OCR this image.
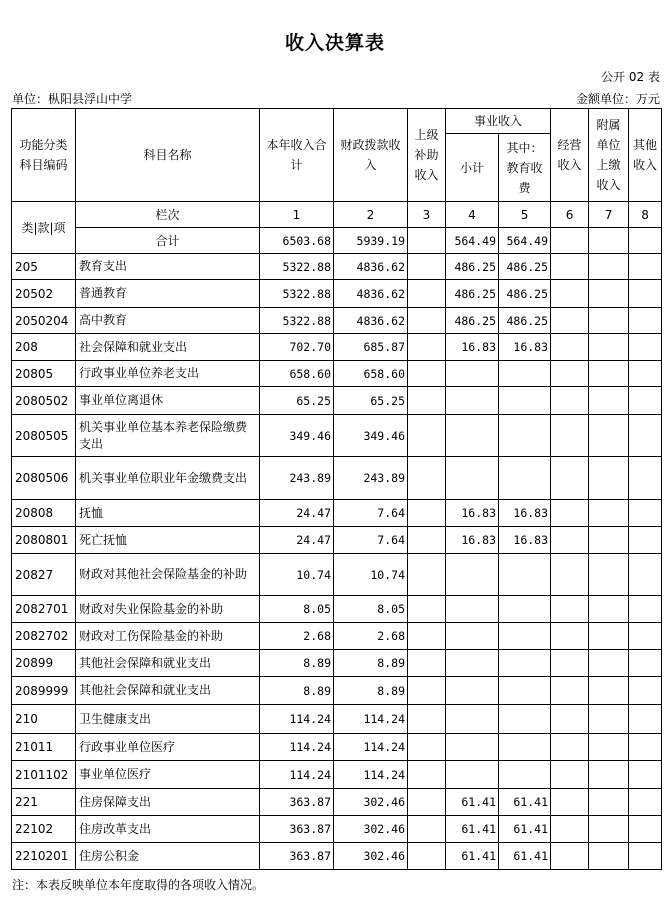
收入决算表
公开 02 表
单位：枞阳县浮山中学	金额单位：万元
功能分类科目编码	科目名称	本年收入合计	财政拨款收入	上级补助收入	事业收入		经营收入	附属单位上缴收入	其他收入
					小计	其中：教育收费			
类|款|项	栏次	1	2	3	4	5	6	7	8
	合计	6503.68	5939.19		564.49	564.49			
205	教育支出	5322.88	4836.62		486.25	486.25			
20502	普通教育	5322.88	4836.62		486.25	486.25			
2050204	高中教育	5322.88	4836.62		486.25	486.25			
208	社会保障和就业支出	702.70	685.87		16.83	16.83			
20805	行政事业单位养老支出	658.60	658.60						
2080502	事业单位离退休	65.25	65.25						
2080505	机关事业单位基本养老保险缴费支出	349.46	349.46						
2080506	机关事业单位职业年金缴费支出	243.89	243.89						
20808	抚恤	24.47	7.64		16.83	16.83			
2080801	死亡抚恤	24.47	7.64		16.83	16.83			
20827	财政对其他社会保险基金的补助	10.74	10.74						
2082701	财政对失业保险基金的补助	8.05	8.05						
2082702	财政对工伤保险基金的补助	2.68	2.68						
20899	其他社会保障和就业支出	8.89	8.89						
2089999	其他社会保障和就业支出	8.89	8.89						
210	卫生健康支出	114.24	114.24						
21011	行政事业单位医疗	114.24	114.24						
2101102	事业单位医疗	114.24	114.24						
221	住房保障支出	363.87	302.46		61.41	61.41			
22102	住房改革支出	363.87	302.46		61.41	61.41			
2210201	住房公积金	363.87	302.46		61.41	61.41			
注：本表反映单位本年度取得的各项收入情况。
